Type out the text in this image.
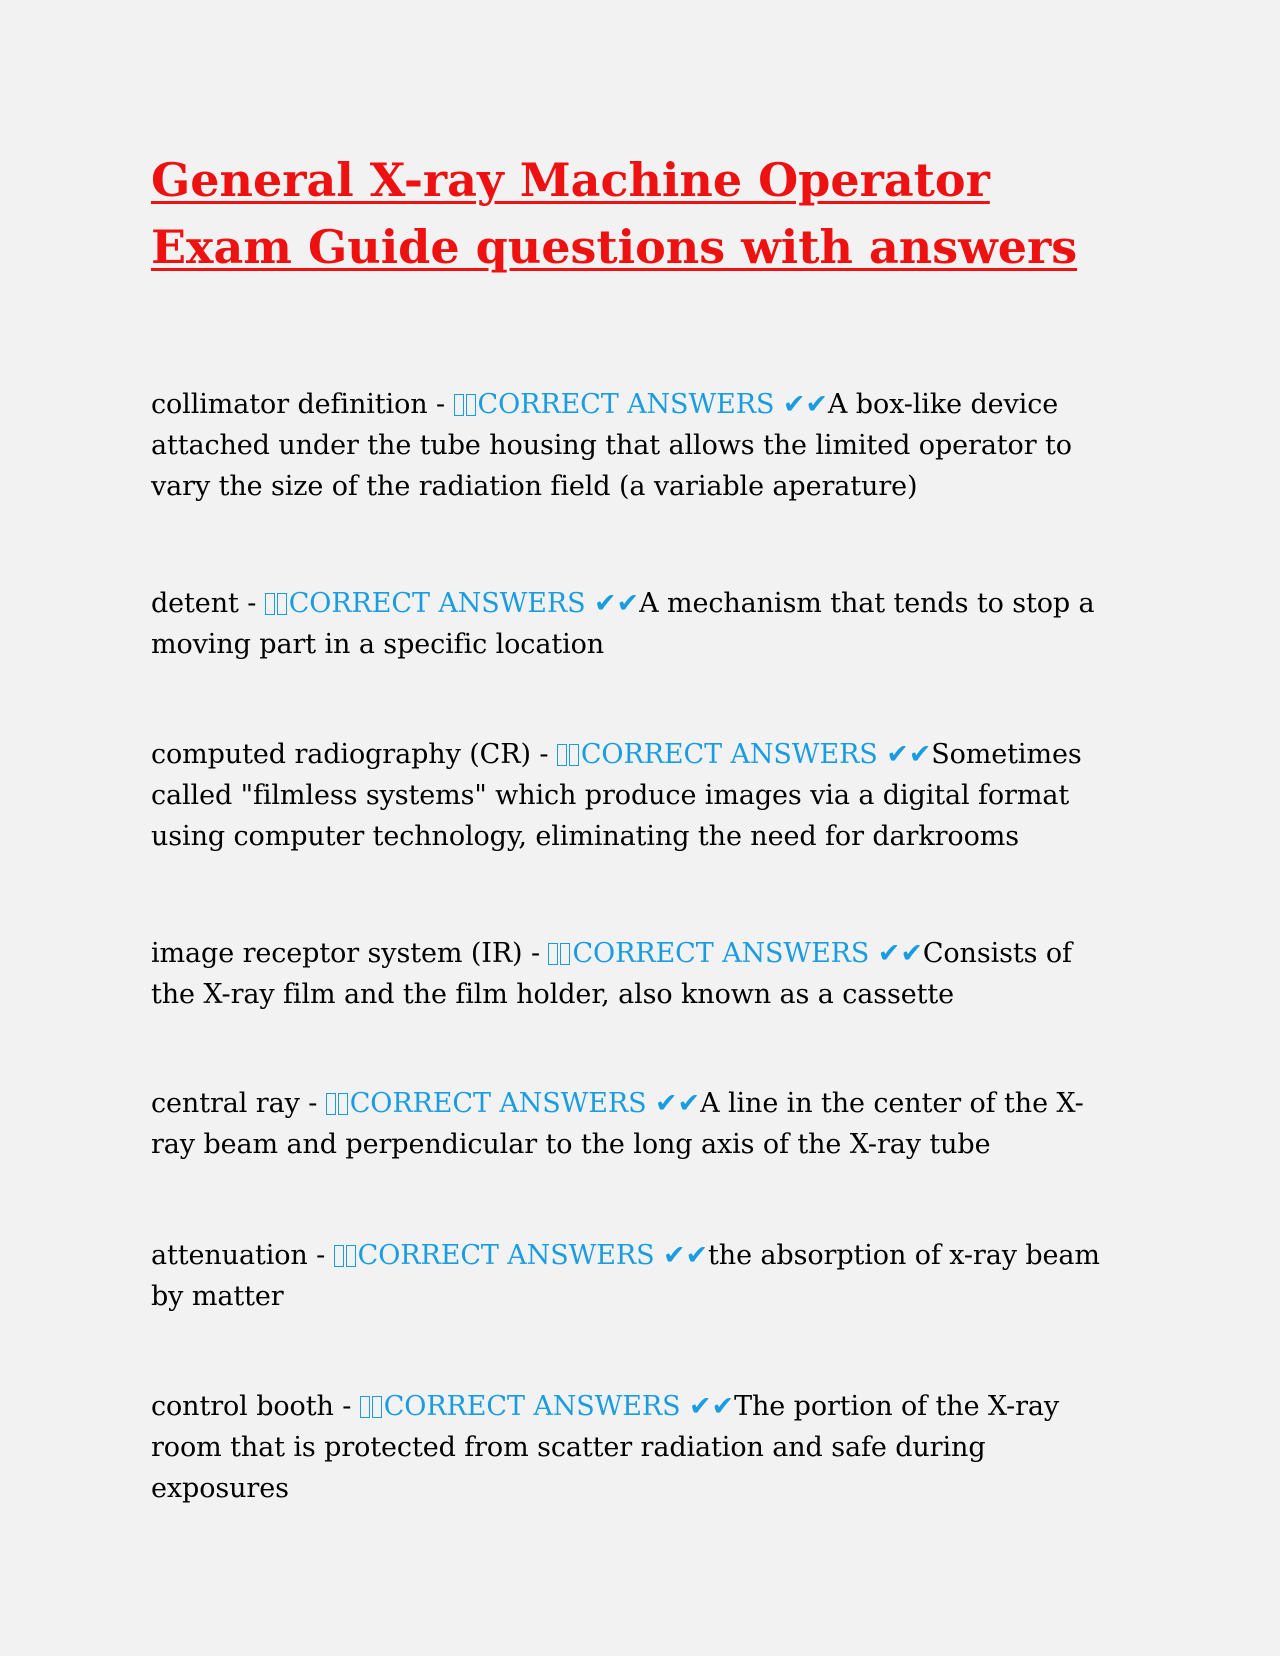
General X-ray Machine Operator Exam Guide questions with answers

collimator definition - CORRECT ANSWERS ✔✔A box-like device attached under the tube housing that allows the limited operator to vary the size of the radiation field (a variable aperature)

detent - CORRECT ANSWERS ✔✔A mechanism that tends to stop a moving part in a specific location

computed radiography (CR) - CORRECT ANSWERS ✔✔Sometimes called "filmless systems" which produce images via a digital format using computer technology, eliminating the need for darkrooms

image receptor system (IR) - CORRECT ANSWERS ✔✔Consists of the X-ray film and the film holder, also known as a cassette

central ray - CORRECT ANSWERS ✔✔A line in the center of the X-ray beam and perpendicular to the long axis of the X-ray tube

attenuation - CORRECT ANSWERS ✔✔the absorption of x-ray beam by matter

control booth - CORRECT ANSWERS ✔✔The portion of the X-ray room that is protected from scatter radiation and safe during exposures
